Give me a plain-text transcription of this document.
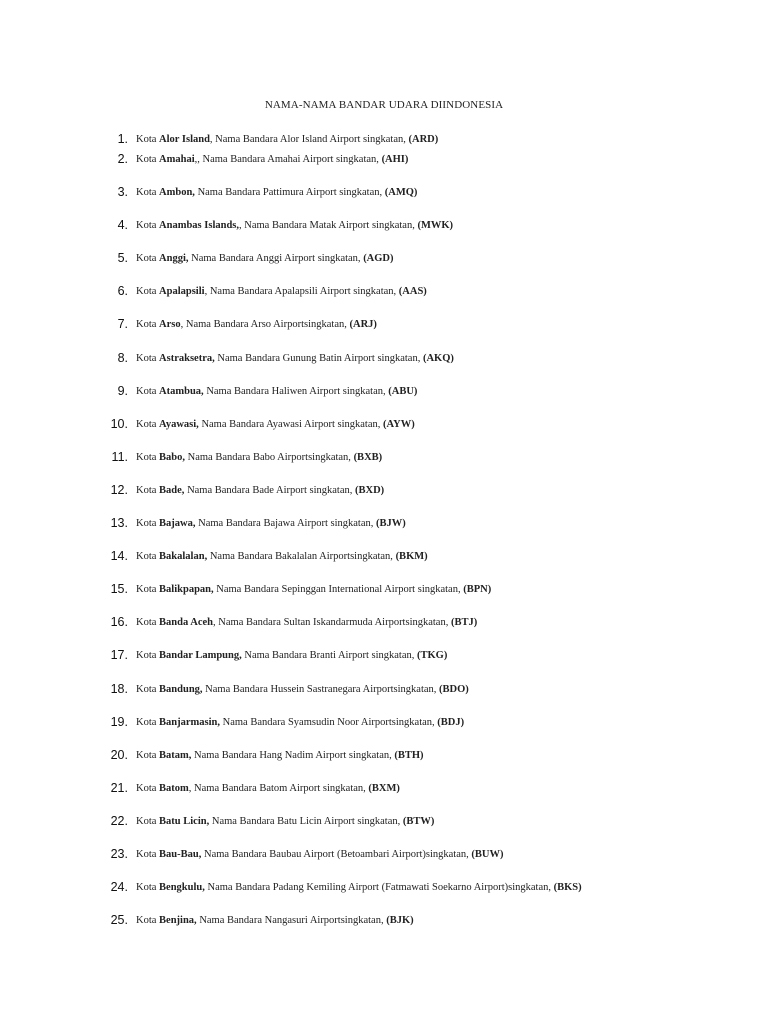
NAMA-NAMA BANDAR UDARA DIINDONESIA
1. Kota Alor Island, Nama Bandara Alor Island Airport singkatan, (ARD)
2. Kota Amahai,, Nama Bandara Amahai Airport singkatan, (AHI)
3. Kota Ambon, Nama Bandara Pattimura Airport singkatan, (AMQ)
4. Kota Anambas Islands,, Nama Bandara Matak Airport singkatan, (MWK)
5. Kota Anggi, Nama Bandara Anggi Airport singkatan, (AGD)
6. Kota Apalapsili, Nama Bandara Apalapsili Airport singkatan, (AAS)
7. Kota Arso, Nama Bandara Arso Airportsingkatan, (ARJ)
8. Kota Astraksetra, Nama Bandara Gunung Batin Airport singkatan, (AKQ)
9. Kota Atambua, Nama Bandara Haliwen Airport singkatan, (ABU)
10. Kota Ayawasi, Nama Bandara Ayawasi Airport singkatan, (AYW)
11. Kota Babo, Nama Bandara Babo Airportsingkatan, (BXB)
12. Kota Bade, Nama Bandara Bade Airport singkatan, (BXD)
13. Kota Bajawa, Nama Bandara Bajawa Airport singkatan, (BJW)
14. Kota Bakalalan, Nama Bandara Bakalalan Airportsingkatan, (BKM)
15. Kota Balikpapan, Nama Bandara Sepinggan International Airport singkatan, (BPN)
16. Kota Banda Aceh, Nama Bandara Sultan Iskandarmuda Airportsingkatan, (BTJ)
17. Kota Bandar Lampung, Nama Bandara Branti Airport singkatan, (TKG)
18. Kota Bandung, Nama Bandara Hussein Sastranegara Airportsingkatan, (BDO)
19. Kota Banjarmasin, Nama Bandara Syamsudin Noor Airportsingkatan, (BDJ)
20. Kota Batam, Nama Bandara Hang Nadim Airport singkatan, (BTH)
21. Kota Batom, Nama Bandara Batom Airport singkatan, (BXM)
22. Kota Batu Licin, Nama Bandara Batu Licin Airport singkatan, (BTW)
23. Kota Bau-Bau, Nama Bandara Baubau Airport (Betoambari Airport)singkatan, (BUW)
24. Kota Bengkulu, Nama Bandara Padang Kemiling Airport (Fatmawati Soekarno Airport)singkatan, (BKS)
25. Kota Benjina, Nama Bandara Nangasuri Airportsingkatan, (BJK)
